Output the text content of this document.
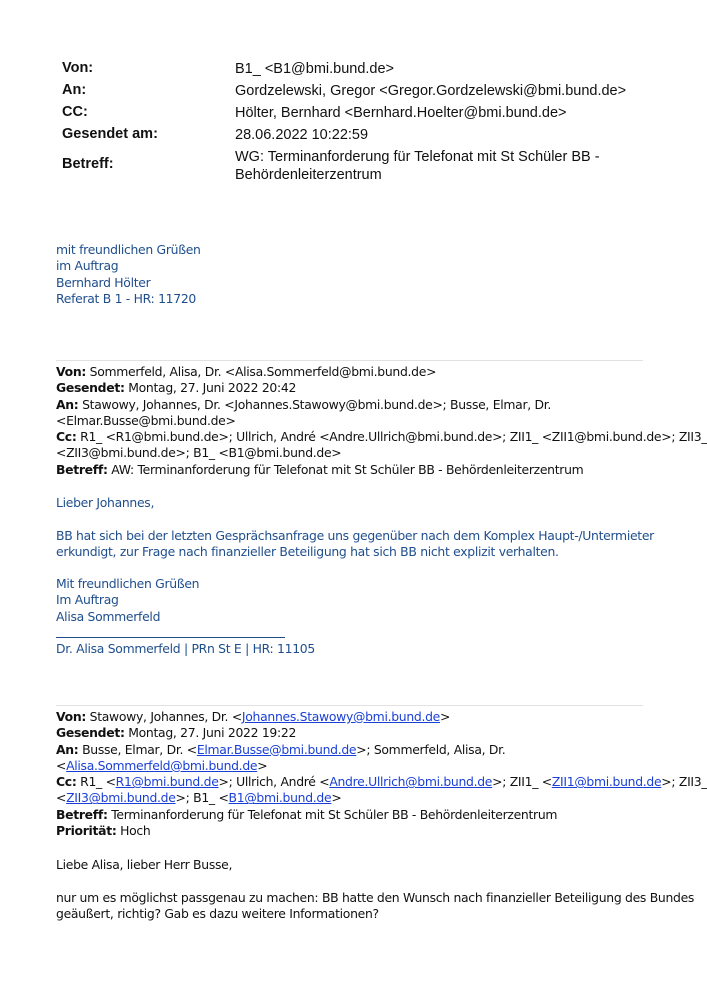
Von:	B1_ <B1@bmi.bund.de>
An:	Gordzelewski, Gregor <Gregor.Gordzelewski@bmi.bund.de>
CC:	Hölter, Bernhard <Bernhard.Hoelter@bmi.bund.de>
Gesendet am:	28.06.2022 10:22:59
Betreff:	WG: Terminanforderung für Telefonat mit St Schüler BB -
Behördenleiterzentrum
mit freundlichen Grüßen
im Auftrag
Bernhard Hölter
Referat B 1 - HR: 11720
Von: Sommerfeld, Alisa, Dr. <Alisa.Sommerfeld@bmi.bund.de>
Gesendet: Montag, 27. Juni 2022 20:42
An: Stawowy, Johannes, Dr. <Johannes.Stawowy@bmi.bund.de>; Busse, Elmar, Dr.
<Elmar.Busse@bmi.bund.de>
Cc: R1_ <R1@bmi.bund.de>; Ullrich, André <Andre.Ullrich@bmi.bund.de>; ZII1_ <ZII1@bmi.bund.de>; ZII3_
<ZII3@bmi.bund.de>; B1_ <B1@bmi.bund.de>
Betreff: AW: Terminanforderung für Telefonat mit St Schüler BB - Behördenleiterzentrum
Lieber Johannes,
BB hat sich bei der letzten Gesprächsanfrage uns gegenüber nach dem Komplex Haupt-/Untermieter
erkundigt, zur Frage nach finanzieller Beteiligung hat sich BB nicht explizit verhalten.
Mit freundlichen Grüßen
Im Auftrag
Alisa Sommerfeld
Dr. Alisa Sommerfeld | PRn St E | HR: 11105
Von: Stawowy, Johannes, Dr. <Johannes.Stawowy@bmi.bund.de>
Gesendet: Montag, 27. Juni 2022 19:22
An: Busse, Elmar, Dr. <Elmar.Busse@bmi.bund.de>; Sommerfeld, Alisa, Dr.
<Alisa.Sommerfeld@bmi.bund.de>
Cc: R1_ <R1@bmi.bund.de>; Ullrich, André <Andre.Ullrich@bmi.bund.de>; ZII1_ <ZII1@bmi.bund.de>; ZII3_
<ZII3@bmi.bund.de>; B1_ <B1@bmi.bund.de>
Betreff: Terminanforderung für Telefonat mit St Schüler BB - Behördenleiterzentrum
Priorität: Hoch
Liebe Alisa, lieber Herr Busse,
nur um es möglichst passgenau zu machen: BB hatte den Wunsch nach finanzieller Beteiligung des Bundes
geäußert, richtig? Gab es dazu weitere Informationen?
